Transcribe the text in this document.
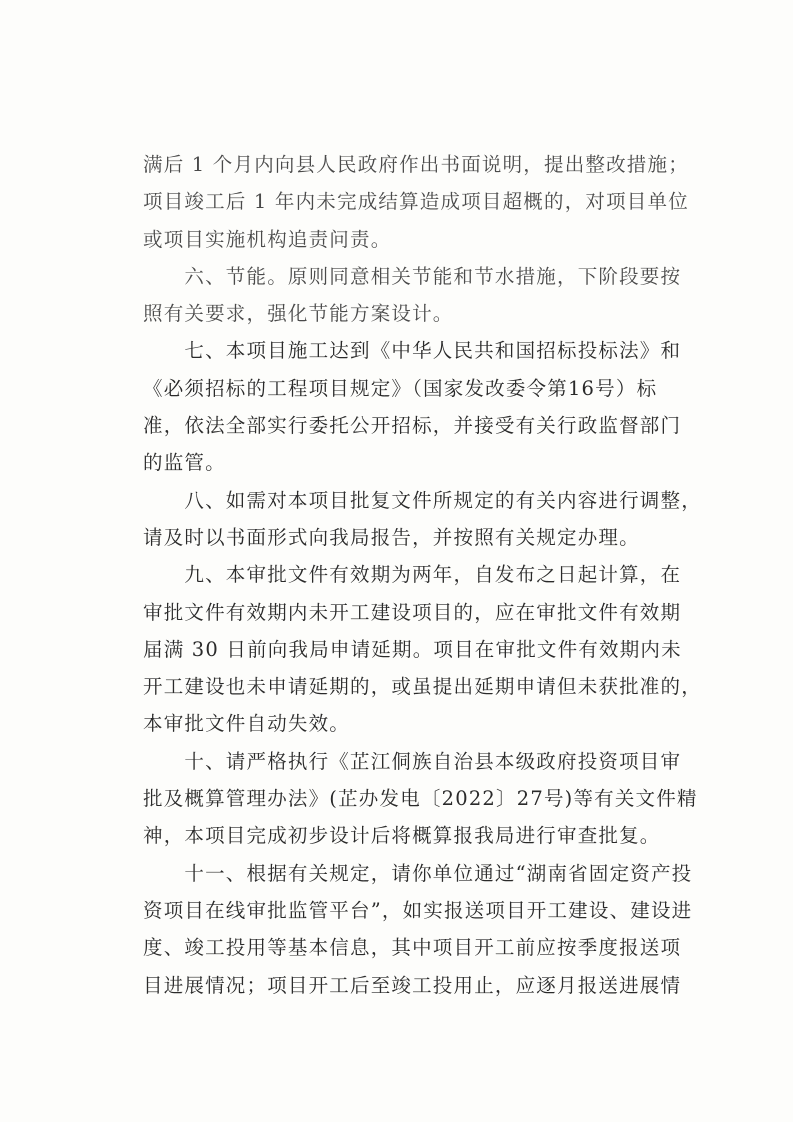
满后 1 个月内向县人民政府作出书面说明，提出整改措施；
项目竣工后 1 年内未完成结算造成项目超概的，对项目单位
或项目实施机构追责问责。
　　六、节能。原则同意相关节能和节水措施，下阶段要按
照有关要求，强化节能方案设计。
　　七、本项目施工达到《中华人民共和国招标投标法》和
《必须招标的工程项目规定》（国家发改委令第16号）标
准，依法全部实行委托公开招标，并接受有关行政监督部门
的监管。
　　八、如需对本项目批复文件所规定的有关内容进行调整，
请及时以书面形式向我局报告，并按照有关规定办理。
　　九、本审批文件有效期为两年，自发布之日起计算，在
审批文件有效期内未开工建设项目的，应在审批文件有效期
届满 30 日前向我局申请延期。项目在审批文件有效期内未
开工建设也未申请延期的，或虽提出延期申请但未获批准的，
本审批文件自动失效。
　　十、请严格执行《芷江侗族自治县本级政府投资项目审
批及概算管理办法》(芷办发电〔2022〕27号)等有关文件精
神，本项目完成初步设计后将概算报我局进行审查批复。
　　十一、根据有关规定，请你单位通过“湖南省固定资产投
资项目在线审批监管平台”，如实报送项目开工建设、建设进
度、竣工投用等基本信息，其中项目开工前应按季度报送项
目进展情况；项目开工后至竣工投用止，应逐月报送进展情
